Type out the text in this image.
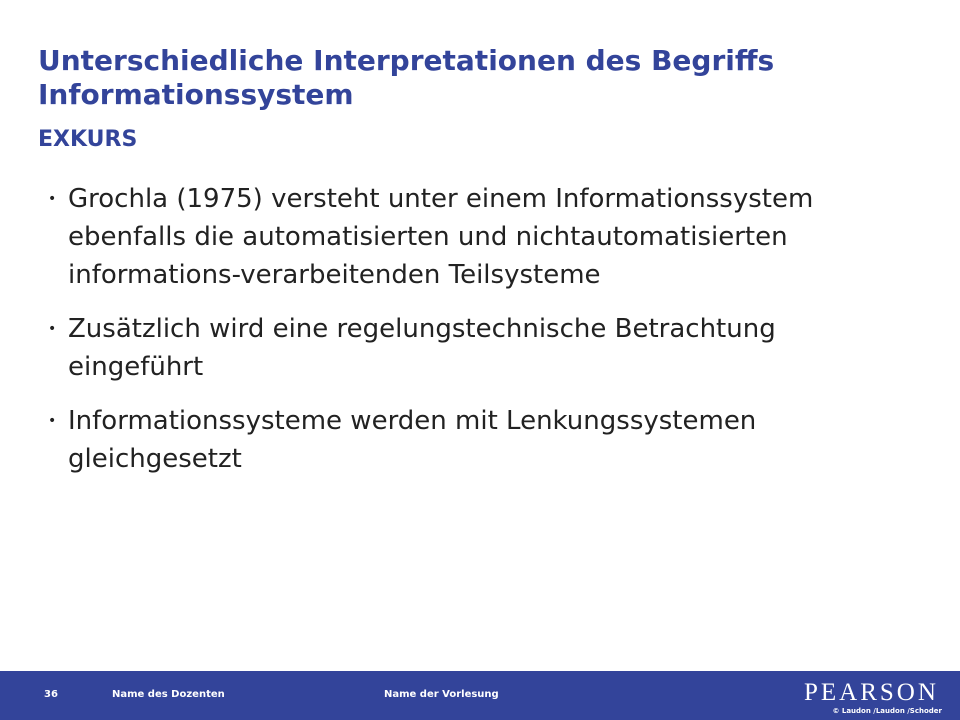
Unterschiedliche Interpretationen des Begriffs Informationssystem
EXKURS
• Grochla (1975) versteht unter einem Informationssystem ebenfalls die automatisierten und nichtautomatisierten informations-verarbeitenden Teilsysteme
• Zusätzlich wird eine regelungstechnische Betrachtung eingeführt
• Informationssysteme werden mit Lenkungssystemen gleichgesetzt
36	Name des Dozenten	Name der Vorlesung	PEARSON
© Laudon /Laudon /Schoder
